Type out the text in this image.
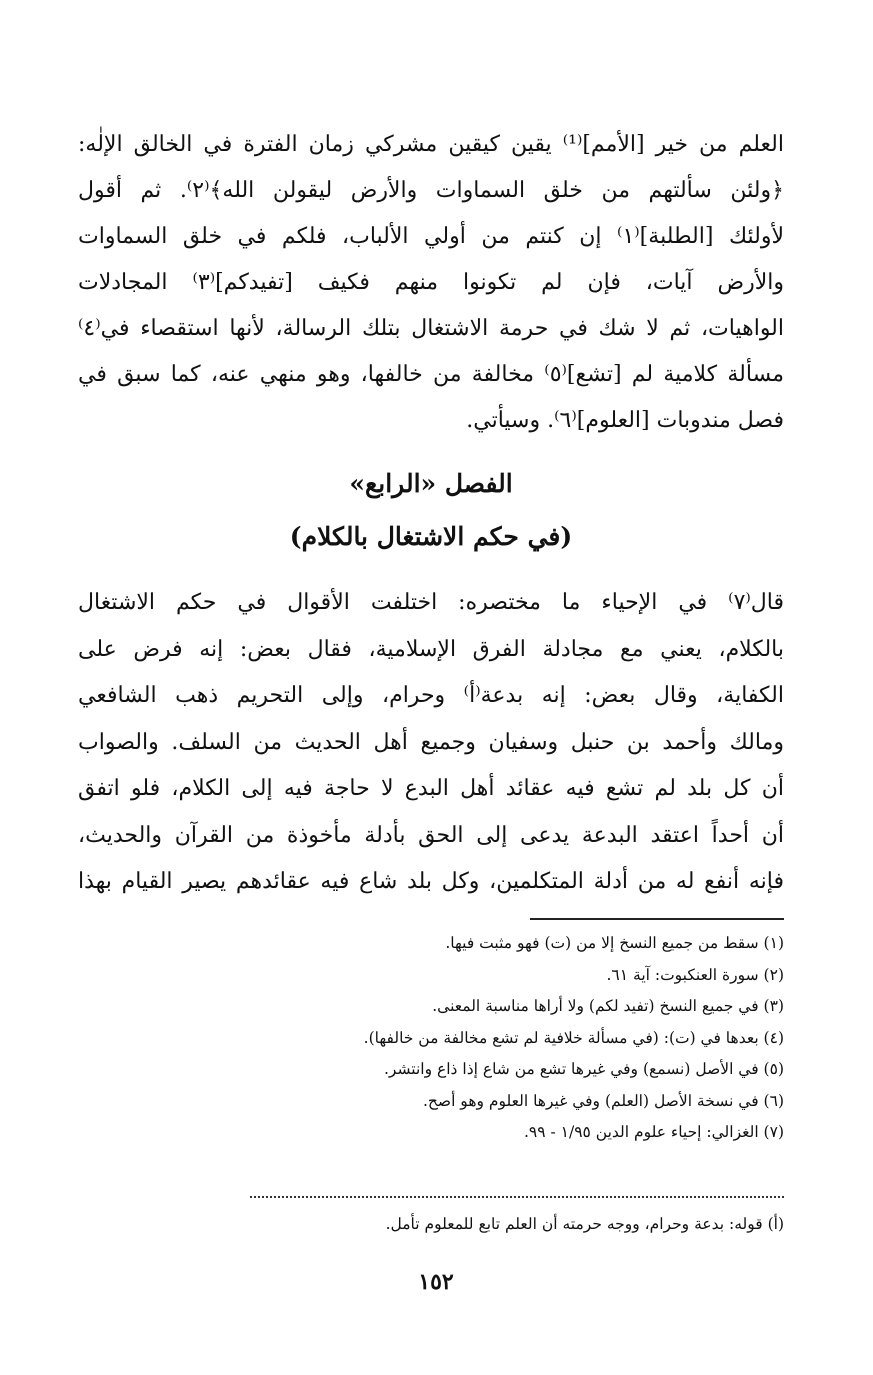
العلم من خير [الأمم]⁽¹⁾ يقين كيقين مشركي زمان الفترة في الخالق الإلٰه:
﴿ولئن سألتهم من خلق السماوات والأرض ليقولن الله﴾⁽٢⁾. ثم أقول
لأولئك [الطلبة]⁽١⁾ إن كنتم من أولي الألباب، فلكم في خلق السماوات
والأرض آيات، فإن لم تكونوا منهم فكيف [تفيدكم]⁽٣⁾ المجادلات
الواهيات، ثم لا شك في حرمة الاشتغال بتلك الرسالة، لأنها استقصاء في⁽٤⁾
مسألة كلامية لم [تشع]⁽٥⁾ مخالفة من خالفها، وهو منهي عنه، كما سبق في
فصل مندوبات [العلوم]⁽٦⁾. وسيأتي.
الفصل «الرابع»
(في حكم الاشتغال بالكلام)
قال⁽٧⁾ في الإحياء ما مختصره: اختلفت الأقوال في حكم الاشتغال
بالكلام، يعني مع مجادلة الفرق الإسلامية، فقال بعض: إنه فرض على
الكفاية، وقال بعض: إنه بدعة⁽أ⁾ وحرام، وإلى التحريم ذهب الشافعي
ومالك وأحمد بن حنبل وسفيان وجميع أهل الحديث من السلف. والصواب
أن كل بلد لم تشع فيه عقائد أهل البدع لا حاجة فيه إلى الكلام، فلو اتفق
أن أحداً اعتقد البدعة يدعى إلى الحق بأدلة مأخوذة من القرآن والحديث،
فإنه أنفع له من أدلة المتكلمين، وكل بلد شاع فيه عقائدهم يصير القيام بهذا
(١) سقط من جميع النسخ إلا من (ت) فهو مثبت فيها.
(٢) سورة العنكبوت: آية ٦١.
(٣) في جميع النسخ (تفيد لكم) ولا أراها مناسبة المعنى.
(٤) بعدها في (ت): (في مسألة خلافية لم تشع مخالفة من خالفها).
(٥) في الأصل (نسمع) وفي غيرها تشع من شاع إذا ذاع وانتشر.
(٦) في نسخة الأصل (العلم) وفي غيرها العلوم وهو أصح.
(٧) الغزالي: إحياء علوم الدين ١/٩٥ - ٩٩.
(أ) قوله: بدعة وحرام، ووجه حرمته أن العلم تابع للمعلوم تأمل.
١٥٢
